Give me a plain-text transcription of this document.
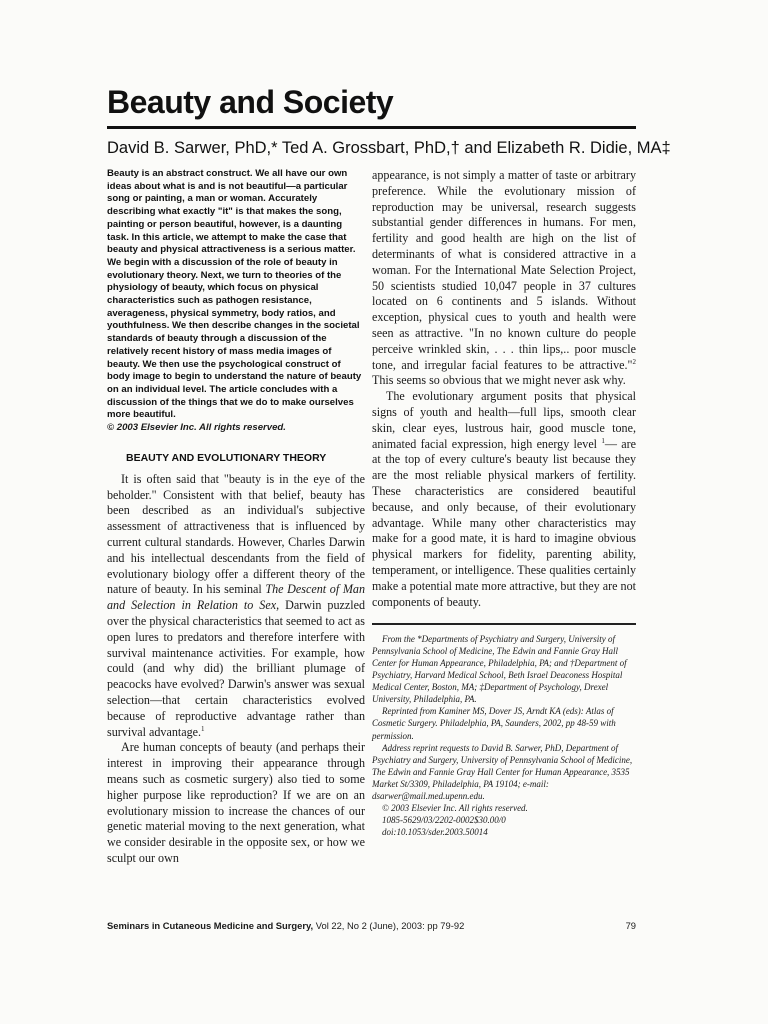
Beauty and Society
David B. Sarwer, PhD,* Ted A. Grossbart, PhD,† and Elizabeth R. Didie, MA‡

Beauty is an abstract construct. We all have our own ideas about what is and is not beautiful—a particular song or painting, a man or woman. Accurately describing what exactly "it" is that makes the song, painting or person beautiful, however, is a daunting task. In this article, we attempt to make the case that beauty and physical attractiveness is a serious matter. We begin with a discussion of the role of beauty in evolutionary theory. Next, we turn to theories of the physiology of beauty, which focus on physical characteristics such as pathogen resistance, averageness, physical symmetry, body ratios, and youthfulness. We then describe changes in the societal standards of beauty through a discussion of the relatively recent history of mass media images of beauty. We then use the psychological construct of body image to begin to understand the nature of beauty on an individual level. The article concludes with a discussion of the things that we do to make ourselves more beautiful.

© 2003 Elsevier Inc. All rights reserved.

BEAUTY AND EVOLUTIONARY THEORY

It is often said that "beauty is in the eye of the beholder." Consistent with that belief, beauty has been described as an individual's subjective assessment of attractiveness that is influenced by current cultural standards. However, Charles Darwin and his intellectual descendants from the field of evolutionary biology offer a different theory of the nature of beauty. In his seminal The Descent of Man and Selection in Relation to Sex, Darwin puzzled over the physical characteristics that seemed to act as open lures to predators and therefore interfere with survival maintenance activities. For example, how could (and why did) the brilliant plumage of peacocks have evolved? Darwin's answer was sexual selection—that certain characteristics evolved because of reproductive advantage rather than survival advantage.$^1$

Are human concepts of beauty (and perhaps their interest in improving their appearance through means such as cosmetic surgery) also tied to some higher purpose like reproduction? If we are on an evolutionary mission to increase the chances of our genetic material moving to the next generation, what we consider desirable in the opposite sex, or how we sculpt our own

appearance, is not simply a matter of taste or arbitrary preference. While the evolutionary mission of reproduction may be universal, research suggests substantial gender differences in humans. For men, fertility and good health are high on the list of determinants of what is considered attractive in a woman. For the International Mate Selection Project, 50 scientists studied 10,047 people in 37 cultures located on 6 continents and 5 islands. Without exception, physical cues to youth and health were seen as attractive. "In no known culture do people perceive wrinkled skin, . . . thin lips,.. poor muscle tone, and irregular facial features to be attractive."$^2$ This seems so obvious that we might never ask why.

The evolutionary argument posits that physical signs of youth and health—full lips, smooth clear skin, clear eyes, lustrous hair, good muscle tone, animated facial expression, high energy level $^1$— are at the top of every culture's beauty list because they are the most reliable physical markers of fertility. These characteristics are considered beautiful because, and only because, of their evolutionary advantage. While many other characteristics may make for a good mate, it is hard to imagine obvious physical markers for fidelity, parenting ability, temperament, or intelligence. These qualities certainly make a potential mate more attractive, but they are not components of beauty.

From the *Departments of Psychiatry and Surgery, University of Pennsylvania School of Medicine, The Edwin and Fannie Gray Hall Center for Human Appearance, Philadelphia, PA; and †Department of Psychiatry, Harvard Medical School, Beth Israel Deaconess Hospital Medical Center, Boston, MA; ‡Department of Psychology, Drexel University, Philadelphia, PA.

Reprinted from Kaminer MS, Dover JS, Arndt KA (eds): Atlas of Cosmetic Surgery. Philadelphia, PA, Saunders, 2002, pp 48-59 with permission.

Address reprint requests to David B. Sarwer, PhD, Department of Psychiatry and Surgery, University of Pennsylvania School of Medicine, The Edwin and Fannie Gray Hall Center for Human Appearance, 3535 Market St/3309, Philadelphia, PA 19104; e-mail: dsarwer@mail.med.upenn.edu.

© 2003 Elsevier Inc. All rights reserved.

1085-5629/03/2202-0002$30.00/0

doi:10.1053/sder.2003.50014

Seminars in Cutaneous Medicine and Surgery, Vol 22, No 2 (June), 2003: pp 79-92	79
